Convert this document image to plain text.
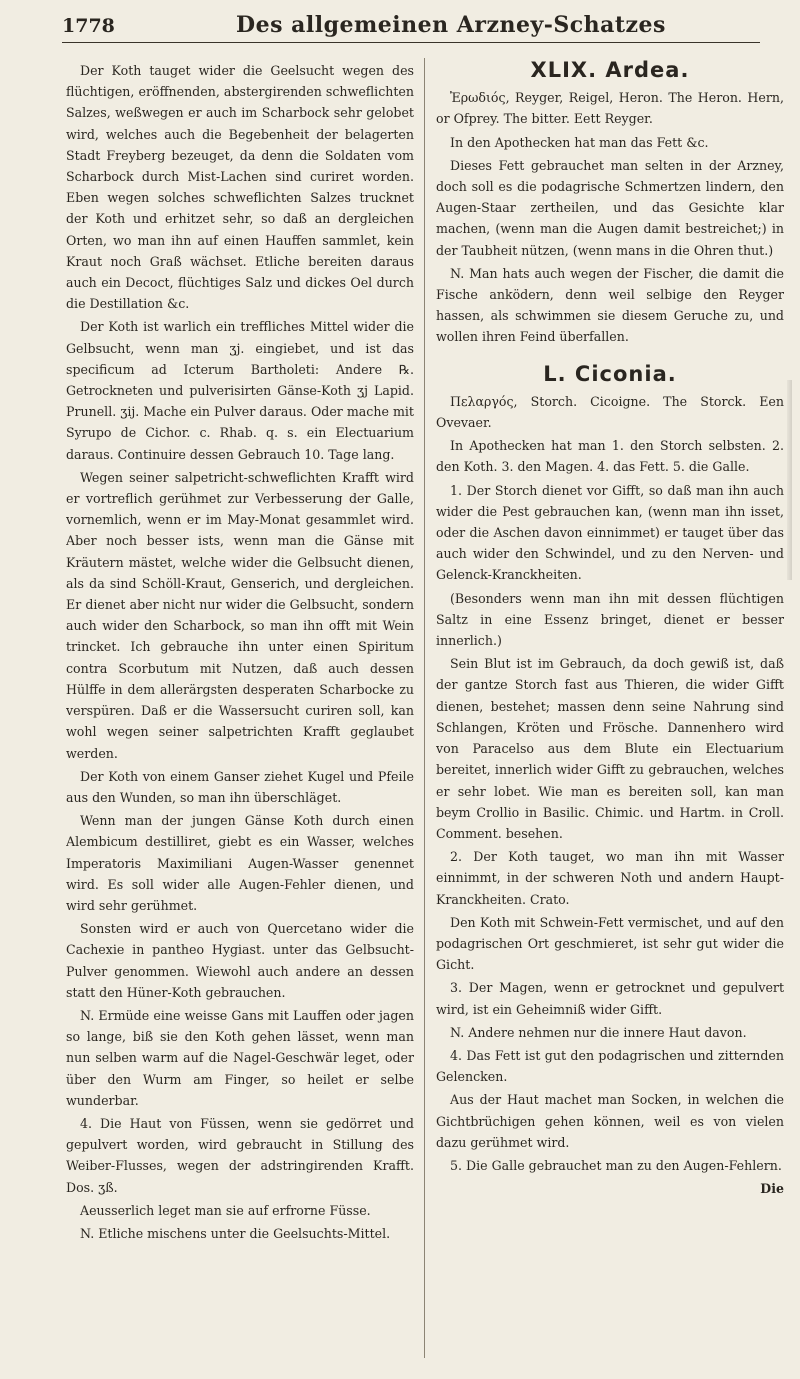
1778	Des allgemeinen Arzney-Schatzes

Der Koth tauget wider die Geelsucht wegen des flüchtigen, eröffnenden, abstergirenden schweflichten Salzes, weßwegen er auch im Scharbock sehr gelobet wird, welches auch die Begebenheit der belagerten Stadt Freyberg bezeuget, da denn die Soldaten vom Scharbock durch Mist-Lachen sind curiret worden. Eben wegen solches schweflichten Salzes trucknet der Koth und erhitzet sehr, so daß an dergleichen Orten, wo man ihn auf einen Hauffen sammlet, kein Kraut noch Graß wächset. Etliche bereiten daraus auch ein Decoct, flüchtiges Salz und dickes Oel durch die Destillation &c.

Der Koth ist warlich ein treffliches Mittel wider die Gelbsucht, wenn man ʒj. eingiebet, und ist das specificum ad Icterum Bartholeti: Andere ℞. Getrockneten und pulverisirten Gänse-Koth ʒj Lapid. Prunell. ʒij. Mache ein Pulver daraus. Oder mache mit Syrupo de Cichor. c. Rhab. q. s. ein Electuarium daraus. Continuire dessen Gebrauch 10. Tage lang.

Wegen seiner salpetricht-schweflichten Krafft wird er vortreflich gerühmet zur Verbesserung der Galle, vornemlich, wenn er im May-Monat gesammlet wird. Aber noch besser ists, wenn man die Gänse mit Kräutern mästet, welche wider die Gelbsucht dienen, als da sind Schöll-Kraut, Genserich, und dergleichen. Er dienet aber nicht nur wider die Gelbsucht, sondern auch wider den Scharbock, so man ihn offt mit Wein trincket. Ich gebrauche ihn unter einen Spiritum contra Scorbutum mit Nutzen, daß auch dessen Hülffe in dem allerärgsten desperaten Scharbocke zu verspüren. Daß er die Wassersucht curiren soll, kan wohl wegen seiner salpetrichten Krafft geglaubet werden.

Der Koth von einem Ganser ziehet Kugel und Pfeile aus den Wunden, so man ihn überschläget.

Wenn man der jungen Gänse Koth durch einen Alembicum destilliret, giebt es ein Wasser, welches Imperatoris Maximiliani Augen-Wasser genennet wird. Es soll wider alle Augen-Fehler dienen, und wird sehr gerühmet.

Sonsten wird er auch von Quercetano wider die Cachexie in pantheo Hygiast. unter das Gelbsucht-Pulver genommen. Wiewohl auch andere an dessen statt den Hüner-Koth gebrauchen.

N. Ermüde eine weisse Gans mit Lauffen oder jagen so lange, biß sie den Koth gehen lässet, wenn man nun selben warm auf die Nagel-Geschwär leget, oder über den Wurm am Finger, so heilet er selbe wunderbar.

4. Die Haut von Füssen, wenn sie gedörret und gepulvert worden, wird gebraucht in Stillung des Weiber-Flusses, wegen der adstringirenden Krafft. Dos. ʒß.

Aeusserlich leget man sie auf erfrorne Füsse.

N. Etliche mischens unter die Geelsuchts-Mittel.

XLIX. Ardea.

Ἐρωδιός, Reyger, Reigel, Heron. The Heron. Hern, or Ofprey. The bitter. Eett Reyger.

In den Apothecken hat man das Fett &c.

Dieses Fett gebrauchet man selten in der Arzney, doch soll es die podagrische Schmertzen lindern, den Augen-Staar zertheilen, und das Gesichte klar machen, (wenn man die Augen damit bestreichet;) in der Taubheit nützen, (wenn mans in die Ohren thut.)

N. Man hats auch wegen der Fischer, die damit die Fische anködern, denn weil selbige den Reyger hassen, als schwimmen sie diesem Geruche zu, und wollen ihren Feind überfallen.

L. Ciconia.

Πελαργός, Storch. Cicoigne. The Storck. Een Ovevaer.

In Apothecken hat man 1. den Storch selbsten. 2. den Koth. 3. den Magen. 4. das Fett. 5. die Galle.

1. Der Storch dienet vor Gifft, so daß man ihn auch wider die Pest gebrauchen kan, (wenn man ihn isset, oder die Aschen davon einnimmet) er tauget über das auch wider den Schwindel, und zu den Nerven- und Gelenck-Kranckheiten.

(Besonders wenn man ihn mit dessen flüchtigen Saltz in eine Essenz bringet, dienet er besser innerlich.)

Sein Blut ist im Gebrauch, da doch gewiß ist, daß der gantze Storch fast aus Thieren, die wider Gifft dienen, bestehet; massen denn seine Nahrung sind Schlangen, Kröten und Frösche. Dannenhero wird von Paracelso aus dem Blute ein Electuarium bereitet, innerlich wider Gifft zu gebrauchen, welches er sehr lobet. Wie man es bereiten soll, kan man beym Crollio in Basilic. Chimic. und Hartm. in Croll. Comment. besehen.

2. Der Koth tauget, wo man ihn mit Wasser einnimmt, in der schweren Noth und andern Haupt-Kranckheiten. Crato.

Den Koth mit Schwein-Fett vermischet, und auf den podagrischen Ort geschmieret, ist sehr gut wider die Gicht.

3. Der Magen, wenn er getrocknet und gepulvert wird, ist ein Geheimniß wider Gifft.

N. Andere nehmen nur die innere Haut davon.

4. Das Fett ist gut den podagrischen und zitternden Gelencken.

Aus der Haut machet man Socken, in welchen die Gichtbrüchigen gehen können, weil es von vielen dazu gerühmet wird.

5. Die Galle gebrauchet man zu den Augen-Fehlern.

Die
